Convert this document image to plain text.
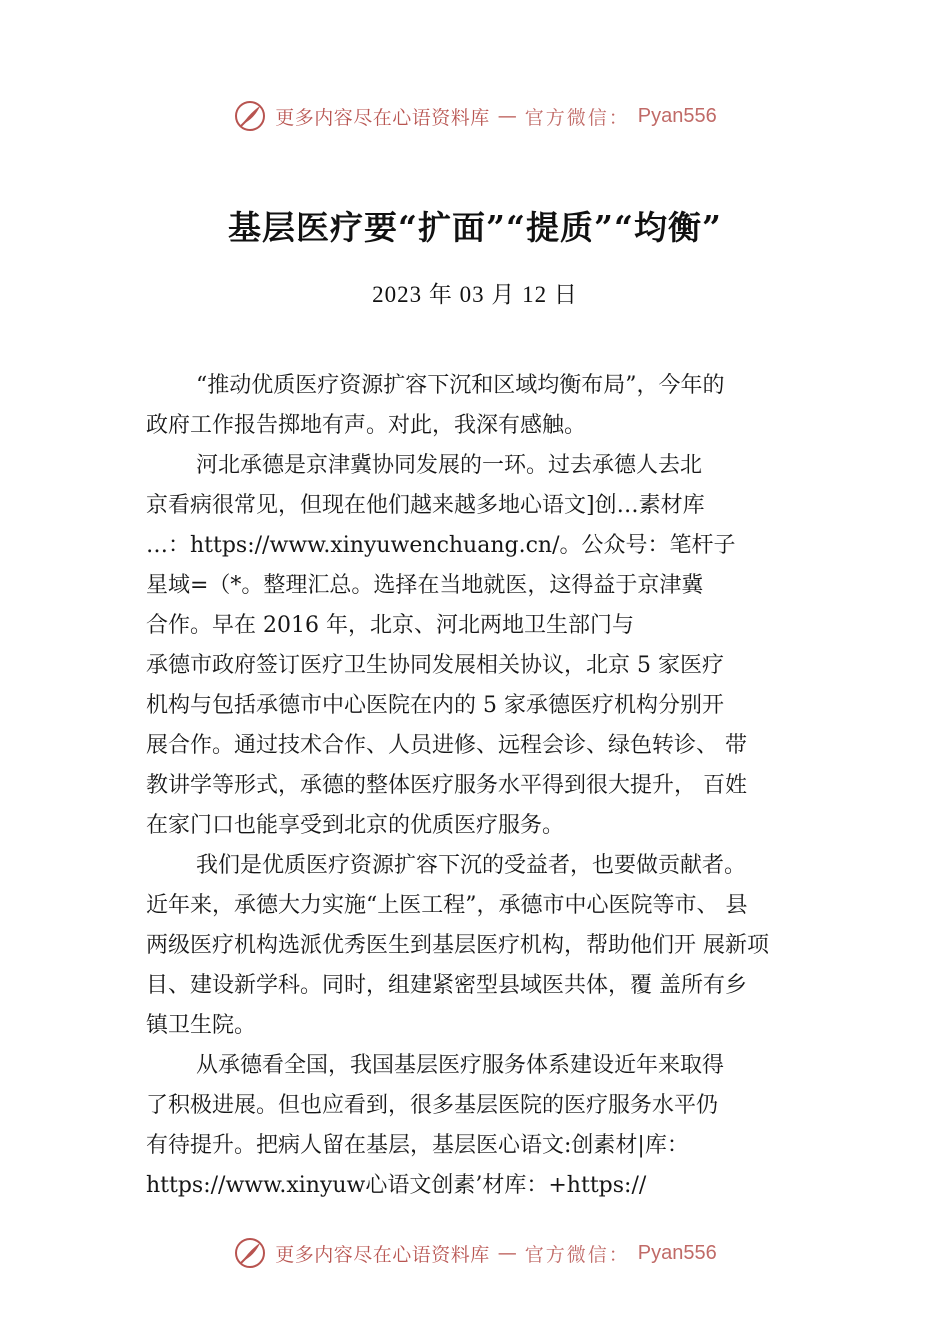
更多内容尽在心语资料库 — 官方微信： Pyan556
基层医疗要“扩面”“提质”“均衡”
2023 年 03 月 12 日
“推动优质医疗资源扩容下沉和区域均衡布局”，今年的
政府工作报告掷地有声。对此，我深有感触。
河北承德是京津冀协同发展的一环。过去承德人去北
京看病很常见，但现在他们越来越多地心语文]创…素材库
…：https://www.xinyuwenchuang.cn/。公众号：笔杆子
星域=（*。整理汇总。选择在当地就医，这得益于京津冀
合作。早在 2016 年，北京、河北两地卫生部门与
承德市政府签订医疗卫生协同发展相关协议，北京 5 家医疗
机构与包括承德市中心医院在内的 5 家承德医疗机构分别开
展合作。通过技术合作、人员进修、远程会诊、绿色转诊、 带
教讲学等形式，承德的整体医疗服务水平得到很大提升， 百姓
在家门口也能享受到北京的优质医疗服务。
我们是优质医疗资源扩容下沉的受益者，也要做贡献者。
近年来，承德大力实施“上医工程”，承德市中心医院等市、 县
两级医疗机构选派优秀医生到基层医疗机构，帮助他们开 展新项
目、建设新学科。同时，组建紧密型县域医共体，覆 盖所有乡
镇卫生院。
从承德看全国，我国基层医疗服务体系建设近年来取得
了积极进展。但也应看到，很多基层医院的医疗服务水平仍
有待提升。把病人留在基层，基层医心语文:创素材|库：
https://www.xinyuw心语文创素’材库：+https://
更多内容尽在心语资料库 — 官方微信： Pyan556
